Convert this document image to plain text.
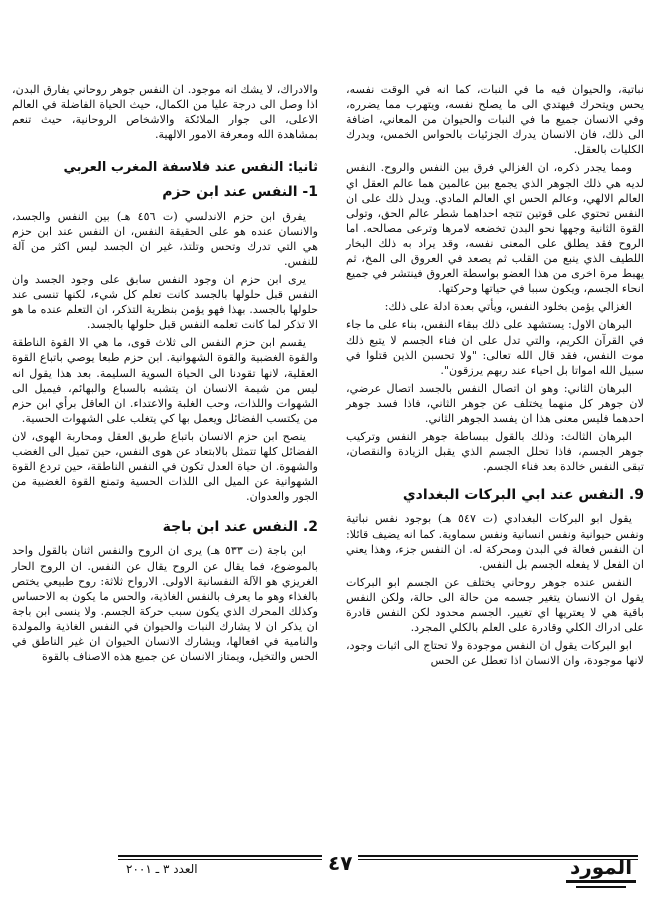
نباتية، والحيوان فيه ما في النبات، كما انه في الوقت نفسه، يحس ويتحرك فيهتدي الى ما يصلح نفسه، ويتهرب مما يضرره، وفي الانسان جميع ما في النبات والحيوان من المعاني، اضافة الى ذلك، فان الانسان يدرك الجزئيات بالحواس الخمس، ويدرك الكليات بالعقل.

ومما يجدر ذكره، ان الغزالي فرق بين النفس والروح. النفس لديه هي ذلك الجوهر الذي يجمع بين عالمين هما عالم العقل اي العالم الالهي، وعالم الحس اي العالم المادي. ويدل ذلك على ان النفس تحتوي على قوتين تتجه احداهما شطر عالم الحق، وتولى القوة الثانية وجهها نحو البدن تخضعه لامرها وترعى مصالحه. اما الروح فقد يطلق على المعنى نفسه، وقد يراد به ذلك البخار اللطيف الذي ينبع من القلب ثم يصعد في العروق الى المخ، ثم يهبط مرة اخرى من هذا العضو بواسطة العروق فينتشر في جميع انحاء الجسم، ويكون سببا في حياتها وحركتها.

الغزالي يؤمن بخلود النفس، ويأتي بعدة ادلة على ذلك:

البرهان الاول: يستشهد على ذلك ببقاء النفس، بناء على ما جاء في القرآن الكريم، والتي تدل على ان فناء الجسم لا يتبع ذلك موت النفس، فقد قال الله تعالى: "ولا تحسبن الذين قتلوا في سبيل الله امواتا بل احياء عند ربهم يرزقون".

البرهان الثاني: وهو ان اتصال النفس بالجسد اتصال عرضي، لان جوهر كل منهما يختلف عن جوهر الثاني، فاذا فسد جوهر احدهما فليس معنى هذا ان يفسد الجوهر الثاني.

البرهان الثالث: وذلك بالقول ببساطة جوهر النفس وتركيب جوهر الجسم، فاذا تحلل الجسم الذي يقبل الزيادة والنقصان، تبقى النفس خالدة بعد فناء الجسم.

9. النفس عند ابي البركات البغدادي

يقول ابو البركات البغدادي (ت ٥٤٧ هـ) بوجود نفس نباتية ونفس حيوانية ونفس انسانية ونفس سماوية. كما انه يضيف قائلا: ان النفس فعالة في البدن ومحركة له. ان النفس جزء، وهذا يعني ان الفعل لا يفعله الجسم بل النفس.

النفس عنده جوهر روحاني يختلف عن الجسم ابو البركات يقول ان الانسان يتغير جسمه من حالة الى حالة، ولكن النفس باقية هي لا يعتريها اي تغيير. الجسم محدود لكن النفس قادرة على ادراك الكلي وقادرة على العلم بالكلي المجرد.

ابو البركات يقول ان النفس موجودة ولا تحتاج الى اثبات وجود، لانها موجودة، وان الانسان اذا تعطل عن الحس

والادراك، لا يشك انه موجود. ان النفس جوهر روحاني يفارق البدن، اذا وصل الى درجة عليا من الكمال، حيث الحياة الفاضلة في العالم الاعلى، الى جوار الملائكة والاشخاص الروحانية، حيث تنعم بمشاهدة الله ومعرفة الامور الالهية.

ثانيا: النفس عند فلاسفة المغرب العربي
1- النفس عند ابن حزم

يفرق ابن حزم الاندلسي (ت ٤٥٦ هـ) بين النفس والجسد، والانسان عنده هو على الحقيقة النفس، ان النفس عند ابن حزم هي التي تدرك وتحس وتلتذ، غير ان الجسد ليس اكثر من آلة للنفس.

يرى ابن حزم ان وجود النفس سابق على وجود الجسد وان النفس قبل حلولها بالجسد كانت تعلم كل شيء، لكنها تنسى عند حلولها بالجسد. بهذا فهو يؤمن بنظرية التذكر، ان التعلم عنده ما هو الا تذكر لما كانت تعلمه النفس قبل حلولها بالجسد.

يقسم ابن حزم النفس الى ثلاث قوى، ما هي الا القوة الناطقة والقوة الغضبية والقوة الشهوانية. ابن حزم طبعا يوصي باتباع القوة العقلية، لانها تقودنا الى الحياة السوية السليمة. بعد هذا يقول انه ليس من شيمة الانسان ان يتشبه بالسباع والبهائم، فيميل الى الشهوات واللذات، وحب الغلبة والاعتداء. ان العاقل برأي ابن حزم من يكتسب الفضائل ويعمل بها كي يتغلب على الشهوات الحسية.

ينصح ابن حزم الانسان باتباع طريق العقل ومحاربة الهوى، لان الفضائل كلها تتمثل بالابتعاد عن هوى النفس، حين تميل الى الغضب والشهوة. ان حياة العدل تكون في النفس الناطقة، حين تردع القوة الشهوانية عن الميل الى اللذات الحسية وتمنع القوة الغضبية من الجور والعدوان.

2. النفس عند ابن باجة

ابن باجة (ت ٥٣٣ هـ) يرى ان الروح والنفس اثنان بالقول واحد بالموضوع، فما يقال عن الروح يقال عن النفس. ان الروح الحار الغريزي هو الآلة النفسانية الاولى. الارواح ثلاثة: روح طبيعي يختص بالغذاء وهو ما يعرف بالنفس الغاذية، والحس ما يكون به الاحساس وكذلك المحرك الذي يكون سبب حركة الجسم. ولا ينسى ابن باجة ان يذكر ان لا يشارك النبات والحيوان في النفس الغاذية والمولدة والنامية في افعالها، ويشارك الانسان الحيوان ان غير الناطق في الحس والتخيل، ويمتاز الانسان عن جميع هذه الاصناف بالقوة

العدد ٣ ـ ٢٠٠١	٤٧	المورد
